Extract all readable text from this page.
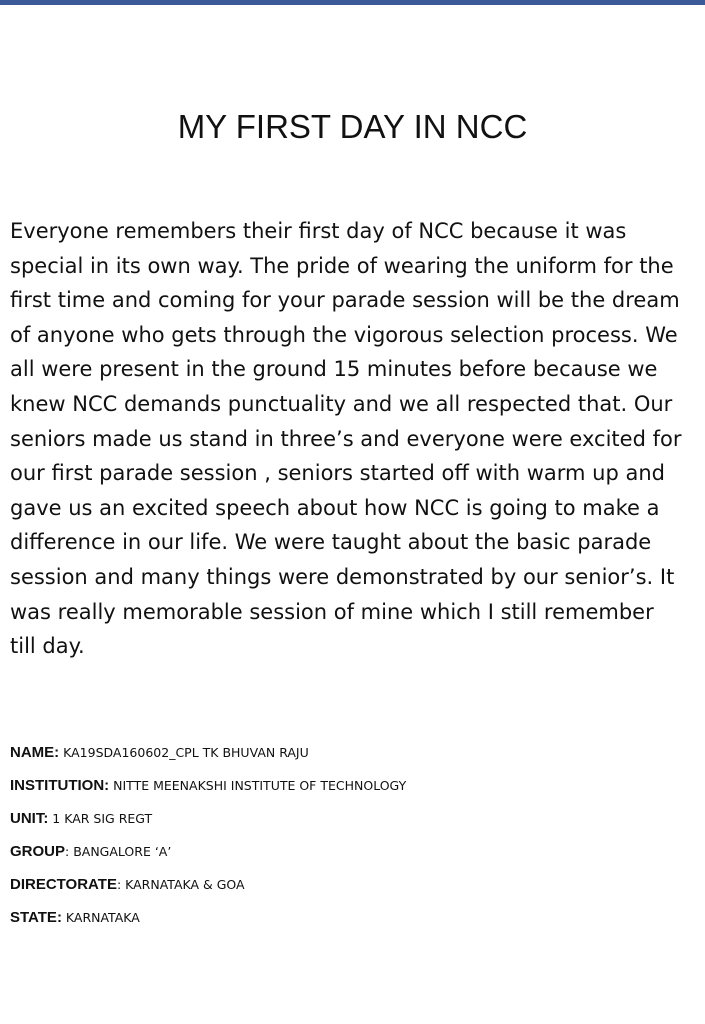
MY FIRST DAY IN NCC

Everyone remembers their first day of NCC because it was
special in its own way. The pride of wearing the uniform for the
first time and coming for your parade session will be the dream
of anyone who gets through the vigorous selection process. We
all were present in the ground 15 minutes before because we
knew NCC demands punctuality and we all respected that. Our
seniors made us stand in three’s and everyone were excited for
our first parade session , seniors started off with warm up and
gave us an excited speech about how NCC is going to make a
difference in our life. We were taught about the basic parade
session and many things were demonstrated by our senior’s. It
was really memorable session of mine which I still remember
till day.

NAME: KA19SDA160602_CPL TK BHUVAN RAJU
INSTITUTION: NITTE MEENAKSHI INSTITUTE OF TECHNOLOGY
UNIT: 1 KAR SIG REGT
GROUP: BANGALORE ‘A’
DIRECTORATE: KARNATAKA & GOA
STATE: KARNATAKA
